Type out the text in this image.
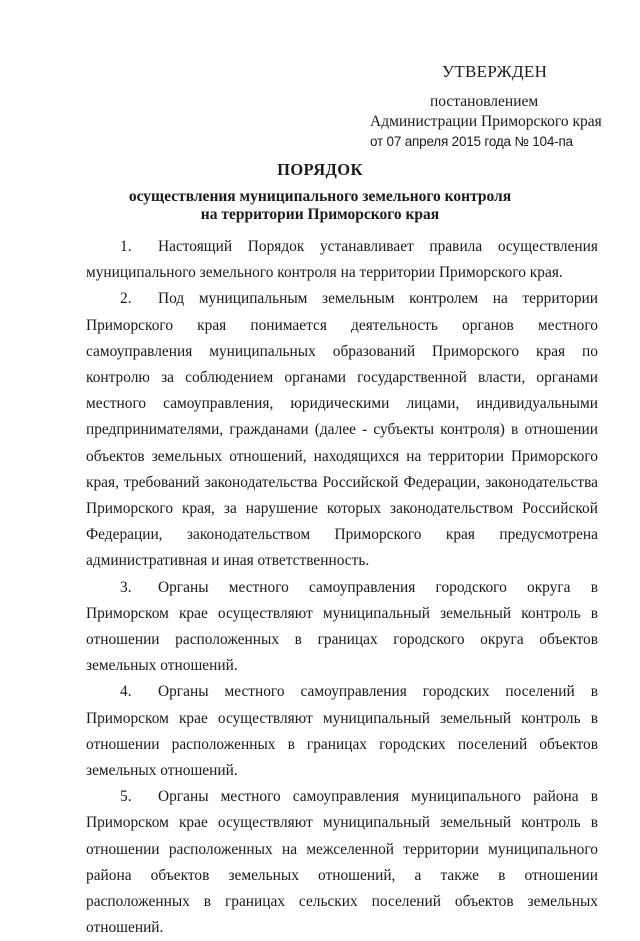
УТВЕРЖДЕН
постановлением
Администрации Приморского края
от 07 апреля 2015 года № 104-па
ПОРЯДОК
осуществления муниципального земельного контроля
на территории Приморского края

1. Настоящий Порядок устанавливает правила осуществления муниципального земельного контроля на территории Приморского края.

2. Под муниципальным земельным контролем на территории Приморского края понимается деятельность органов местного самоуправления муниципальных образований Приморского края по контролю за соблюдением органами государственной власти, органами местного самоуправления, юридическими лицами, индивидуальными предпринимателями, гражданами (далее - субъекты контроля) в отношении объектов земельных отношений, находящихся на территории Приморского края, требований законодательства Российской Федерации, законодательства Приморского края, за нарушение которых законодательством Российской Федерации, законодательством Приморского края предусмотрена административная и иная ответственность.

3. Органы местного самоуправления городского округа в Приморском крае осуществляют муниципальный земельный контроль в отношении расположенных в границах городского округа объектов земельных отношений.

4. Органы местного самоуправления городских поселений в Приморском крае осуществляют муниципальный земельный контроль в отношении расположенных в границах городских поселений объектов земельных отношений.

5. Органы местного самоуправления муниципального района в Приморском крае осуществляют муниципальный земельный контроль в отношении расположенных на межселенной территории муниципального района объектов земельных отношений, а также в отношении расположенных в границах сельских поселений объектов земельных отношений.
